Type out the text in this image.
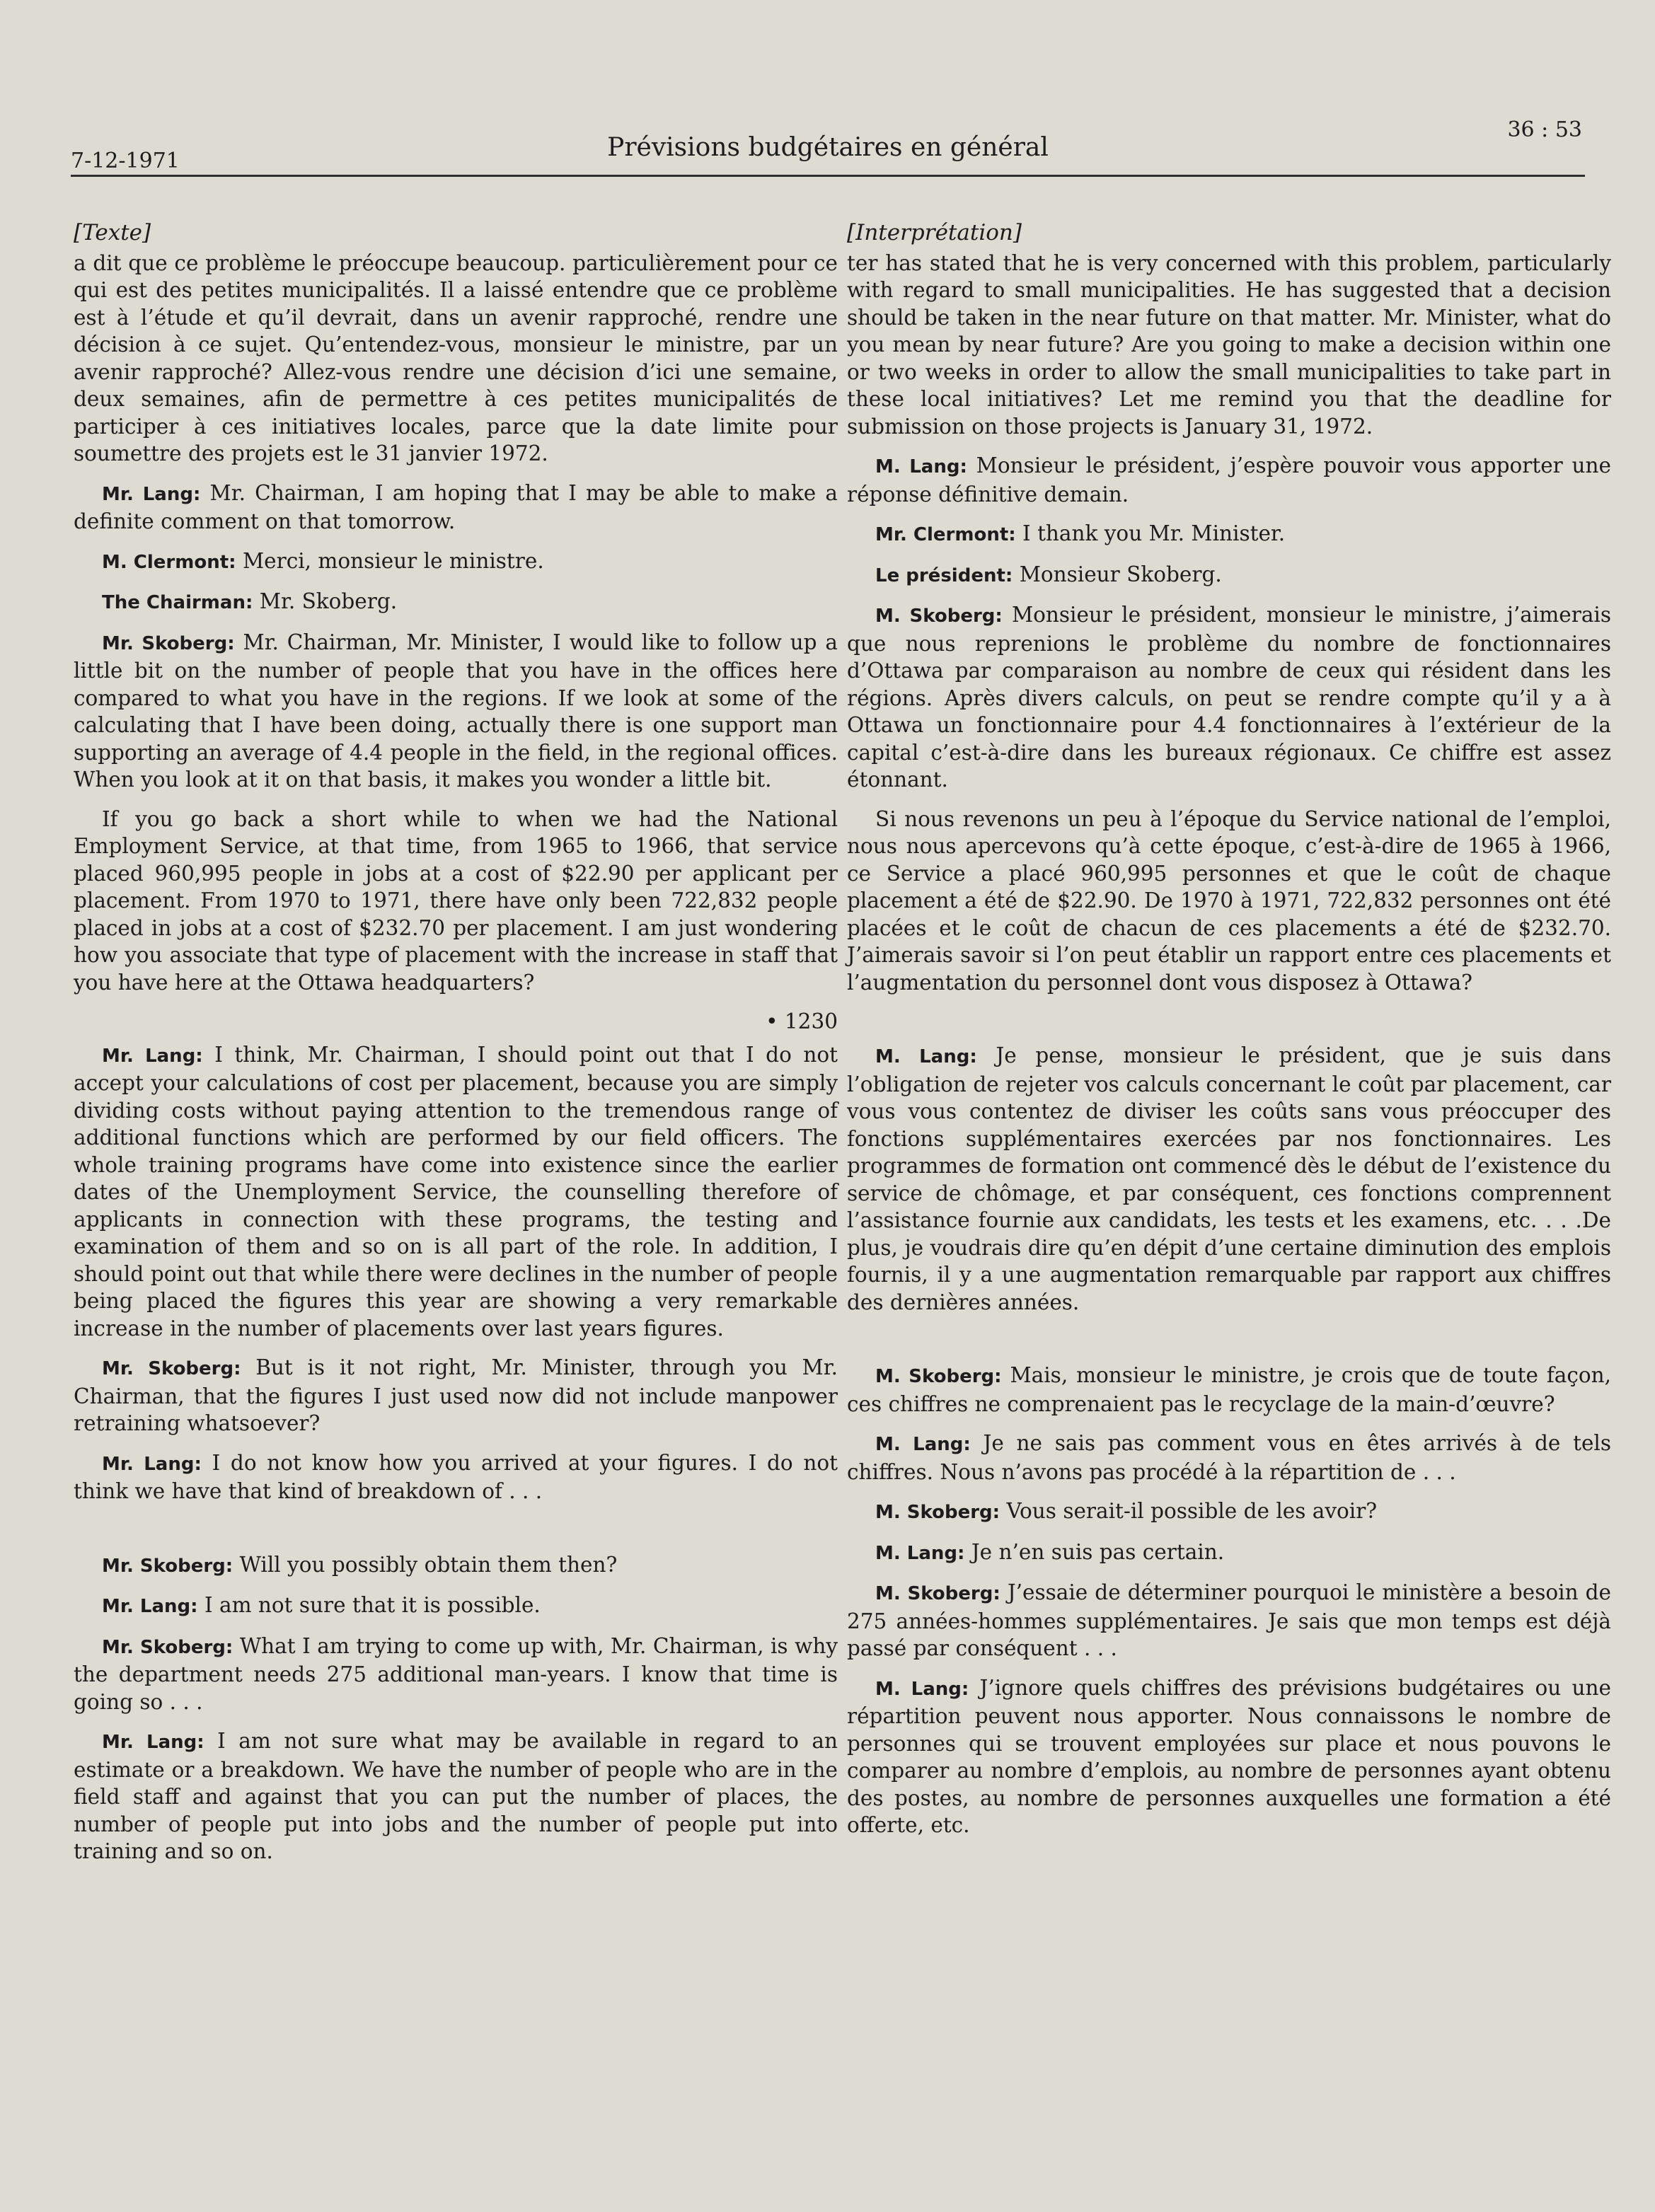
7-12-1971	Prévisions budgétaires en général
36 : 53
[Texte]

a dit que ce problème le préoccupe beaucoup. particulièrement pour ce qui est des petites municipalités. Il a laissé entendre que ce problème est à l’étude et qu’il devrait, dans un avenir rapproché, rendre une décision à ce sujet. Qu’entendez-vous, monsieur le ministre, par un avenir rapproché? Allez-vous rendre une décision d’ici une semaine, deux semaines, afin de permettre à ces petites municipalités de participer à ces initiatives locales, parce que la date limite pour soumettre des projets est le 31 janvier 1972.

Mr. Lang: Mr. Chairman, I am hoping that I may be able to make a definite comment on that tomorrow.

M. Clermont: Merci, monsieur le ministre.

The Chairman: Mr. Skoberg.

Mr. Skoberg: Mr. Chairman, Mr. Minister, I would like to follow up a little bit on the number of people that you have in the offices here compared to what you have in the regions. If we look at some of the calculating that I have been doing, actually there is one support man supporting an average of 4.4 people in the field, in the regional offices. When you look at it on that basis, it makes you wonder a little bit.

If you go back a short while to when we had the National Employment Service, at that time, from 1965 to 1966, that service placed 960,995 people in jobs at a cost of $22.90 per applicant per placement. From 1970 to 1971, there have only been 722,832 people placed in jobs at a cost of $232.70 per placement. I am just wondering how you associate that type of placement with the increase in staff that you have here at the Ottawa headquarters?

• 1230

Mr. Lang: I think, Mr. Chairman, I should point out that I do not accept your calculations of cost per placement, because you are simply dividing costs without paying attention to the tremendous range of additional functions which are performed by our field officers. The whole training programs have come into existence since the earlier dates of the Unemployment Service, the counselling therefore of applicants in connection with these programs, the testing and examination of them and so on is all part of the role. In addition, I should point out that while there were declines in the number of people being placed the figures this year are showing a very remarkable increase in the number of placements over last years figures.

Mr. Skoberg: But is it not right, Mr. Minister, through you Mr. Chairman, that the figures I just used now did not include manpower retraining whatsoever?

Mr. Lang: I do not know how you arrived at your figures. I do not think we have that kind of breakdown of . . .

Mr. Skoberg: Will you possibly obtain them then?

Mr. Lang: I am not sure that it is possible.

Mr. Skoberg: What I am trying to come up with, Mr. Chairman, is why the department needs 275 additional man-years. I know that time is going so . . .

Mr. Lang: I am not sure what may be available in regard to an estimate or a breakdown. We have the number of people who are in the field staff and against that you can put the number of places, the number of people put into jobs and the number of people put into training and so on.

[Interprétation]

ter has stated that he is very concerned with this problem, particularly with regard to small municipalities. He has suggested that a decision should be taken in the near future on that matter. Mr. Minister, what do you mean by near future? Are you going to make a decision within one or two weeks in order to allow the small municipalities to take part in these local initiatives? Let me remind you that the deadline for submission on those projects is January 31, 1972.

M. Lang: Monsieur le président, j’espère pouvoir vous apporter une réponse définitive demain.

Mr. Clermont: I thank you Mr. Minister.

Le président: Monsieur Skoberg.

M. Skoberg: Monsieur le président, monsieur le ministre, j’aimerais que nous reprenions le problème du nombre de fonctionnaires d’Ottawa par comparaison au nombre de ceux qui résident dans les régions. Après divers calculs, on peut se rendre compte qu’il y a à Ottawa un fonctionnaire pour 4.4 fonctionnaires à l’extérieur de la capital c’est-à-dire dans les bureaux régionaux. Ce chiffre est assez étonnant.

Si nous revenons un peu à l’époque du Service national de l’emploi, nous nous apercevons qu’à cette époque, c’est-à-dire de 1965 à 1966, ce Service a placé 960,995 personnes et que le coût de chaque placement a été de $22.90. De 1970 à 1971, 722,832 personnes ont été placées et le coût de chacun de ces placements a été de $232.70. J’aimerais savoir si l’on peut établir un rapport entre ces placements et l’augmentation du personnel dont vous disposez à Ottawa?

M. Lang: Je pense, monsieur le président, que je suis dans l’obligation de rejeter vos calculs concernant le coût par placement, car vous vous contentez de diviser les coûts sans vous préoccuper des fonctions supplémentaires exercées par nos fonctionnaires. Les programmes de formation ont commencé dès le début de l’existence du service de chômage, et par conséquent, ces fonctions comprennent l’assistance fournie aux candidats, les tests et les examens, etc. . . .De plus, je voudrais dire qu’en dépit d’une certaine diminution des emplois fournis, il y a une augmentation remarquable par rapport aux chiffres des dernières années.

M. Skoberg: Mais, monsieur le ministre, je crois que de toute façon, ces chiffres ne comprenaient pas le recyclage de la main-d’œuvre?

M. Lang: Je ne sais pas comment vous en êtes arrivés à de tels chiffres. Nous n’avons pas procédé à la répartition de . . .

M. Skoberg: Vous serait-il possible de les avoir?

M. Lang: Je n’en suis pas certain.

M. Skoberg: J’essaie de déterminer pourquoi le ministère a besoin de 275 années-hommes supplémentaires. Je sais que mon temps est déjà passé par conséquent . . .

M. Lang: J’ignore quels chiffres des prévisions budgétaires ou une répartition peuvent nous apporter. Nous connaissons le nombre de personnes qui se trouvent employées sur place et nous pouvons le comparer au nombre d’emplois, au nombre de personnes ayant obtenu des postes, au nombre de personnes auxquelles une formation a été offerte, etc.
